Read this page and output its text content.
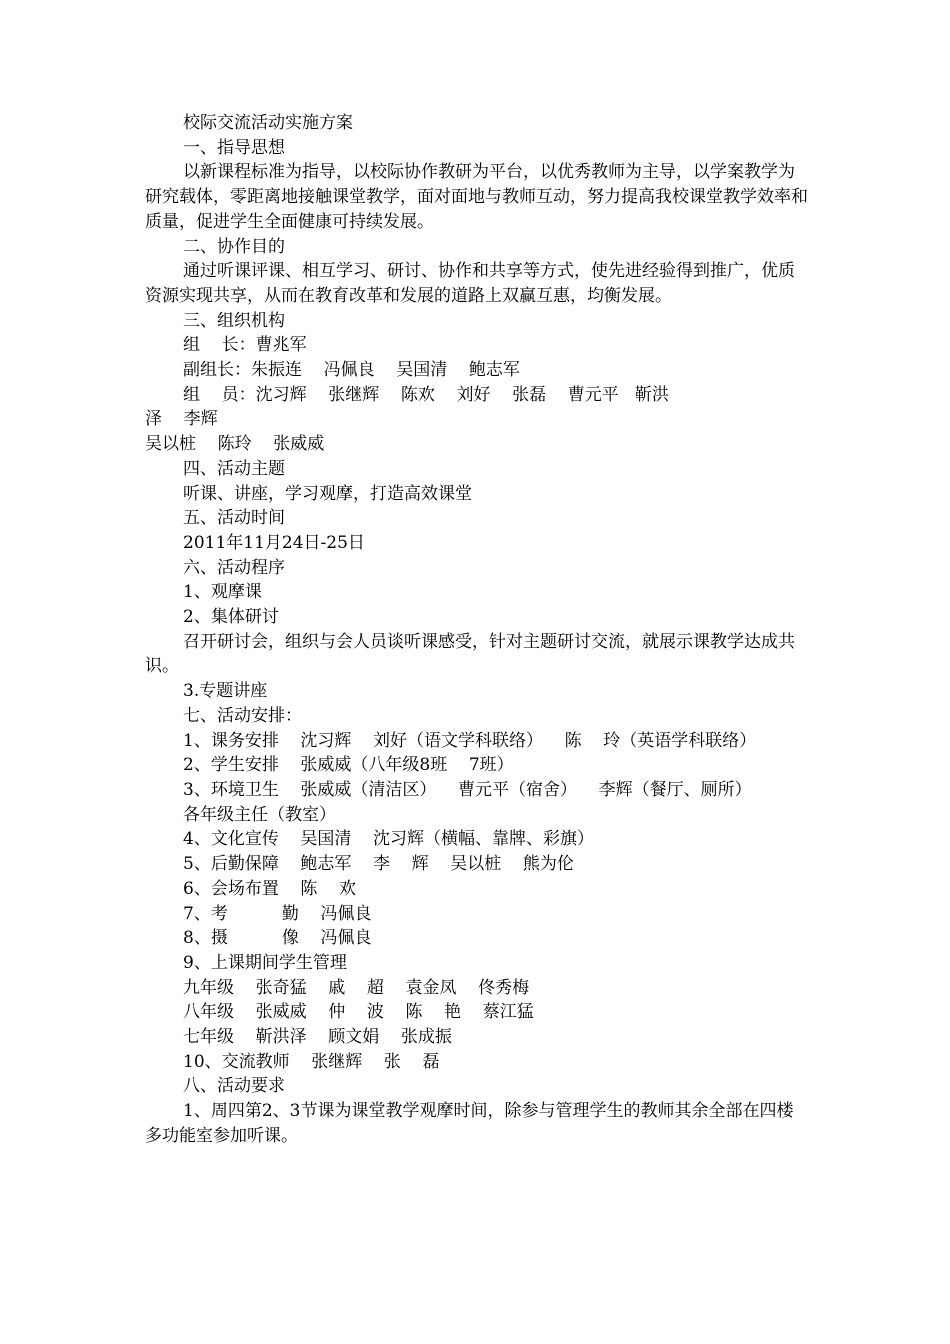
校际交流活动实施方案

一、指导思想

以新课程标准为指导，以校际协作教研为平台，以优秀教师为主导，以学案教学为研究载体，零距离地接触课堂教学，面对面地与教师互动，努力提高我校课堂教学效率和质量，促进学生全面健康可持续发展。

二、协作目的

通过听课评课、相互学习、研讨、协作和共享等方式，使先进经验得到推广，优质资源实现共享，从而在教育改革和发展的道路上双赢互惠，均衡发展。

三、组织机构

组    长：曹兆军

副组长：朱振连    冯佩良    吴国清    鲍志军

组    员：沈习辉    张继辉    陈欢    刘好    张磊    曹元平   靳洪

泽    李辉

吴以桩    陈玲    张威威

四、活动主题

听课、讲座，学习观摩，打造高效课堂

五、活动时间

2011年11月24日-25日

六、活动程序

1、观摩课

2、集体研讨

召开研讨会，组织与会人员谈听课感受，针对主题研讨交流，就展示课教学达成共识。

3.专题讲座

七、活动安排：

1、课务安排    沈习辉    刘好（语文学科联络）    陈    玲（英语学科联络）

2、学生安排    张威威（八年级8班    7班）

3、环境卫生    张威威（清洁区）    曹元平（宿舍）    李辉（餐厅、厕所）

各年级主任（教室）

4、文化宣传    吴国清    沈习辉（横幅、靠牌、彩旗）

5、后勤保障    鲍志军    李    辉    吴以桩    熊为伦

6、会场布置    陈    欢

7、考          勤    冯佩良

8、摄          像    冯佩良

9、上课期间学生管理

九年级    张奇猛    戚    超    袁金凤    佟秀梅

八年级    张威威    仲    波    陈    艳    蔡江猛

七年级    靳洪泽    顾文娟    张成振

10、交流教师    张继辉    张    磊

八、活动要求

1、周四第2、3节课为课堂教学观摩时间，除参与管理学生的教师其余全部在四楼多功能室参加听课。
